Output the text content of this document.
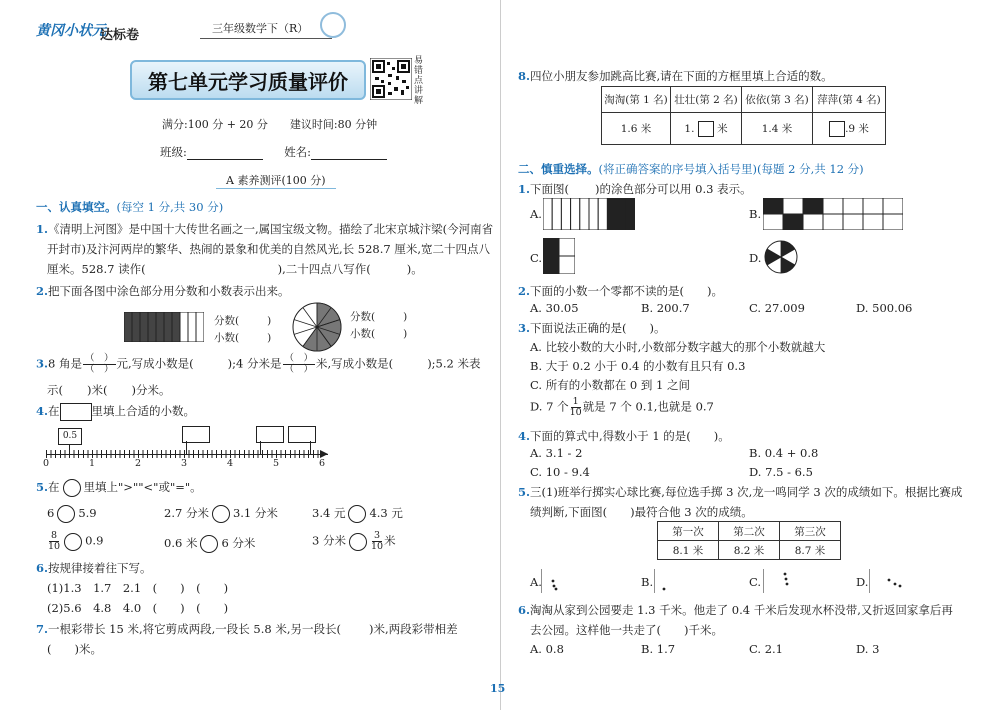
黄冈小状元
达标卷	三年级数学下（R）
第七单元学习质量评价
易错点讲解
满分:100 分 + 20 分　　建议时间:80 分钟
班级:	姓名:
A 素养测评(100 分)
一、认真填空。(每空 1 分,共 30 分)
1.《清明上河图》是中国十大传世名画之一,属国宝级文物。描绘了北宋京城汴梁(今河南省
开封市)及汴河两岸的繁华、热闹的景象和优美的自然风光,长 528.7 厘米,宽二十四点八
厘米。528.7 读作(	),二十四点八写作(	)。
2.把下面各图中涂色部分用分数和小数表示出来。
分数(	)
小数(	)
分数(	)
小数(	)
3.8 角是 $\frac{( )}{( )}$ 元,写成小数是(	);4 分米是 $\frac{( )}{( )}$ 米,写成小数是(	);5.2 米表
示( )米( )分米。
4.在	里填上合适的小数。
0.5
0	1	2	3	4	5	6
5.在 里填上">""<"或"="。
6 5.9	2.7 分米 3.1 分米	3.4 元 4.3 元
$\frac{8}{10} 0.9$	0.6 米 6 分米	3 分米	$\frac{3}{10}$ 米
6.按规律接着往下写。
(1)1.3　1.7　2.1　(　　)　(　　)
(2)5.6　4.8　4.0　(　　)　(　　)
7.一根彩带长 15 米,将它剪成两段,一段长 5.8 米,另一段长( )米,两段彩带相差
(　　)米。
8.四位小朋友参加跳高比赛,请在下面的方框里填上合适的数。
淘淘(第 1 名)	壮壮(第 2 名)	依依(第 3 名)	萍萍(第 4 名)
1.6 米	1. 米	1.4 米	.9 米
二、慎重选择。(将正确答案的序号填入括号里)(每题 2 分,共 12 分)
1.下面图( )的涂色部分可以用 0.3 表示。
A.	B.
C.	D.
2.下面的小数一个零都不读的是(　　)。
A. 30.05	B. 200.7	C. 27.009	D. 500.06
3.下面说法正确的是(　　)。
A. 比较小数的大小时,小数部分数字越大的那个小数就越大
B. 大于 0.2 小于 0.4 的小数有且只有 0.3
C. 所有的小数都在 0 到 1 之间
D. 7 个 $\frac{1}{10}$ 就是 7 个 0.1,也就是 0.7
4.下面的算式中,得数小于 1 的是(　　)。
A. 3.1 - 2	B. 0.4 + 0.8
C. 10 - 9.4	D. 7.5 - 6.5
5.三(1)班举行掷实心球比赛,每位选手掷 3 次,龙一鸣同学 3 次的成绩如下。根据比赛成
绩判断,下面图(　　)最符合他 3 次的成绩。
第一次	第二次	第三次
8.1 米	8.2 米	8.7 米
A.	B.	C.	D.
6.淘淘从家到公园要走 1.3 千米。他走了 0.4 千米后发现水杯没带,又折返回家拿后再
去公园。这样他一共走了(　　)千米。
A. 0.8	B. 1.7	C. 2.1	D. 3
15
